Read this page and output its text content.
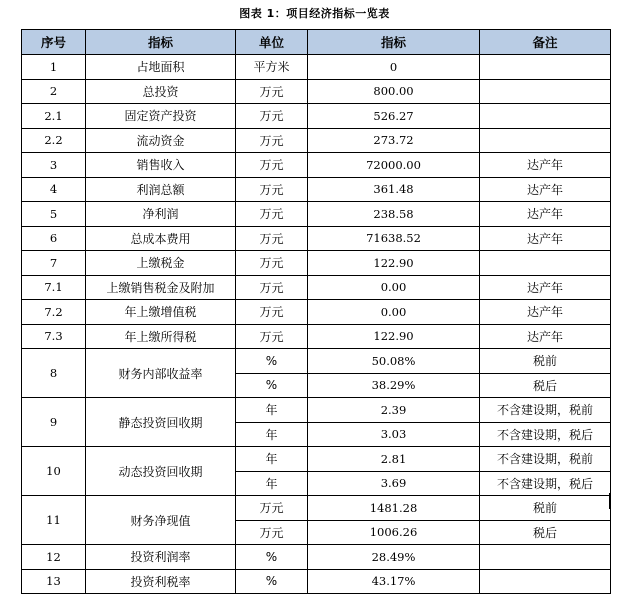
图表 1：项目经济指标一览表
序号	指标	单位	指标	备注
1	占地面积	平方米	0	
2	总投资	万元	800.00	
2.1	固定资产投资	万元	526.27	
2.2	流动资金	万元	273.72	
3	销售收入	万元	72000.00	达产年
4	利润总额	万元	361.48	达产年
5	净利润	万元	238.58	达产年
6	总成本费用	万元	71638.52	达产年
7	上缴税金	万元	122.90	
7.1	上缴销售税金及附加	万元	0.00	达产年
7.2	年上缴增值税	万元	0.00	达产年
7.3	年上缴所得税	万元	122.90	达产年
8	财务内部收益率	%	50.08%	税前
		%	38.29%	税后
9	静态投资回收期	年	2.39	不含建设期，税前
		年	3.03	不含建设期，税后
10	动态投资回收期	年	2.81	不含建设期，税前
		年	3.69	不含建设期，税后
11	财务净现值	万元	1481.28	税前
		万元	1006.26	税后
12	投资利润率	%	28.49%	
13	投资利税率	%	43.17%	
